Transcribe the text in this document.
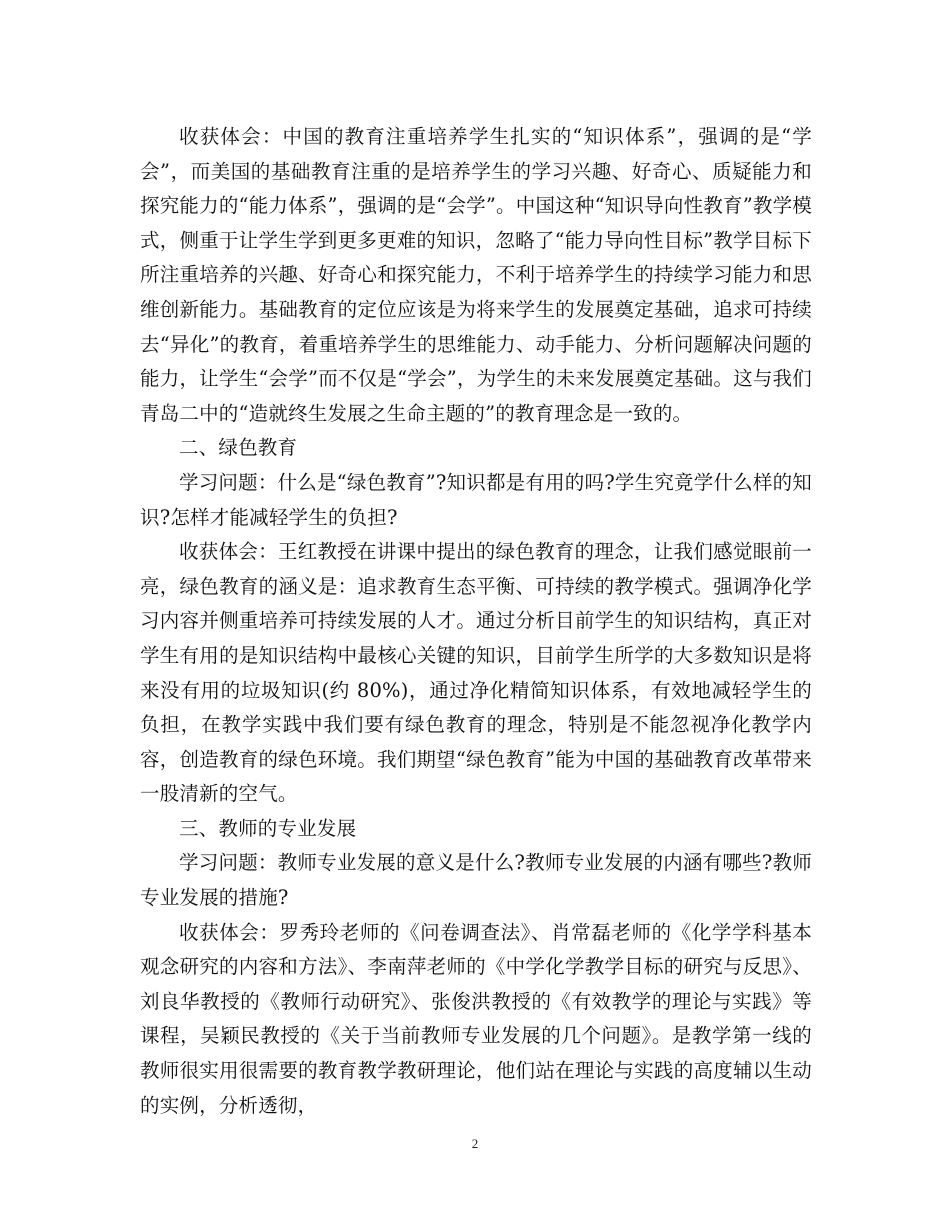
收获体会：中国的教育注重培养学生扎实的“知识体系”，强调的是“学会”，而美国的基础教育注重的是培养学生的学习兴趣、好奇心、质疑能力和探究能力的“能力体系”，强调的是“会学”。中国这种“知识导向性教育”教学模式，侧重于让学生学到更多更难的知识，忽略了“能力导向性目标”教学目标下所注重培养的兴趣、好奇心和探究能力，不利于培养学生的持续学习能力和思维创新能力。基础教育的定位应该是为将来学生的发展奠定基础，追求可持续去“异化”的教育，着重培养学生的思维能力、动手能力、分析问题解决问题的能力，让学生“会学”而不仅是“学会”，为学生的未来发展奠定基础。这与我们青岛二中的“造就终生发展之生命主题的”的教育理念是一致的。

二、绿色教育

学习问题：什么是“绿色教育”?知识都是有用的吗?学生究竟学什么样的知识?怎样才能减轻学生的负担?

收获体会：王红教授在讲课中提出的绿色教育的理念，让我们感觉眼前一亮，绿色教育的涵义是：追求教育生态平衡、可持续的教学模式。强调净化学习内容并侧重培养可持续发展的人才。通过分析目前学生的知识结构，真正对学生有用的是知识结构中最核心关键的知识，目前学生所学的大多数知识是将来没有用的垃圾知识(约 80%)，通过净化精简知识体系，有效地减轻学生的负担，在教学实践中我们要有绿色教育的理念，特别是不能忽视净化教学内容，创造教育的绿色环境。我们期望“绿色教育”能为中国的基础教育改革带来一股清新的空气。

三、教师的专业发展

学习问题：教师专业发展的意义是什么?教师专业发展的内涵有哪些?教师专业发展的措施?

收获体会：罗秀玲老师的《问卷调查法》、肖常磊老师的《化学学科基本观念研究的内容和方法》、李南萍老师的《中学化学教学目标的研究与反思》、刘良华教授的《教师行动研究》、张俊洪教授的《有效教学的理论与实践》等课程，吴颖民教授的《关于当前教师专业发展的几个问题》。是教学第一线的教师很实用很需要的教育教学教研理论，他们站在理论与实践的高度辅以生动的实例，分析透彻，

2
